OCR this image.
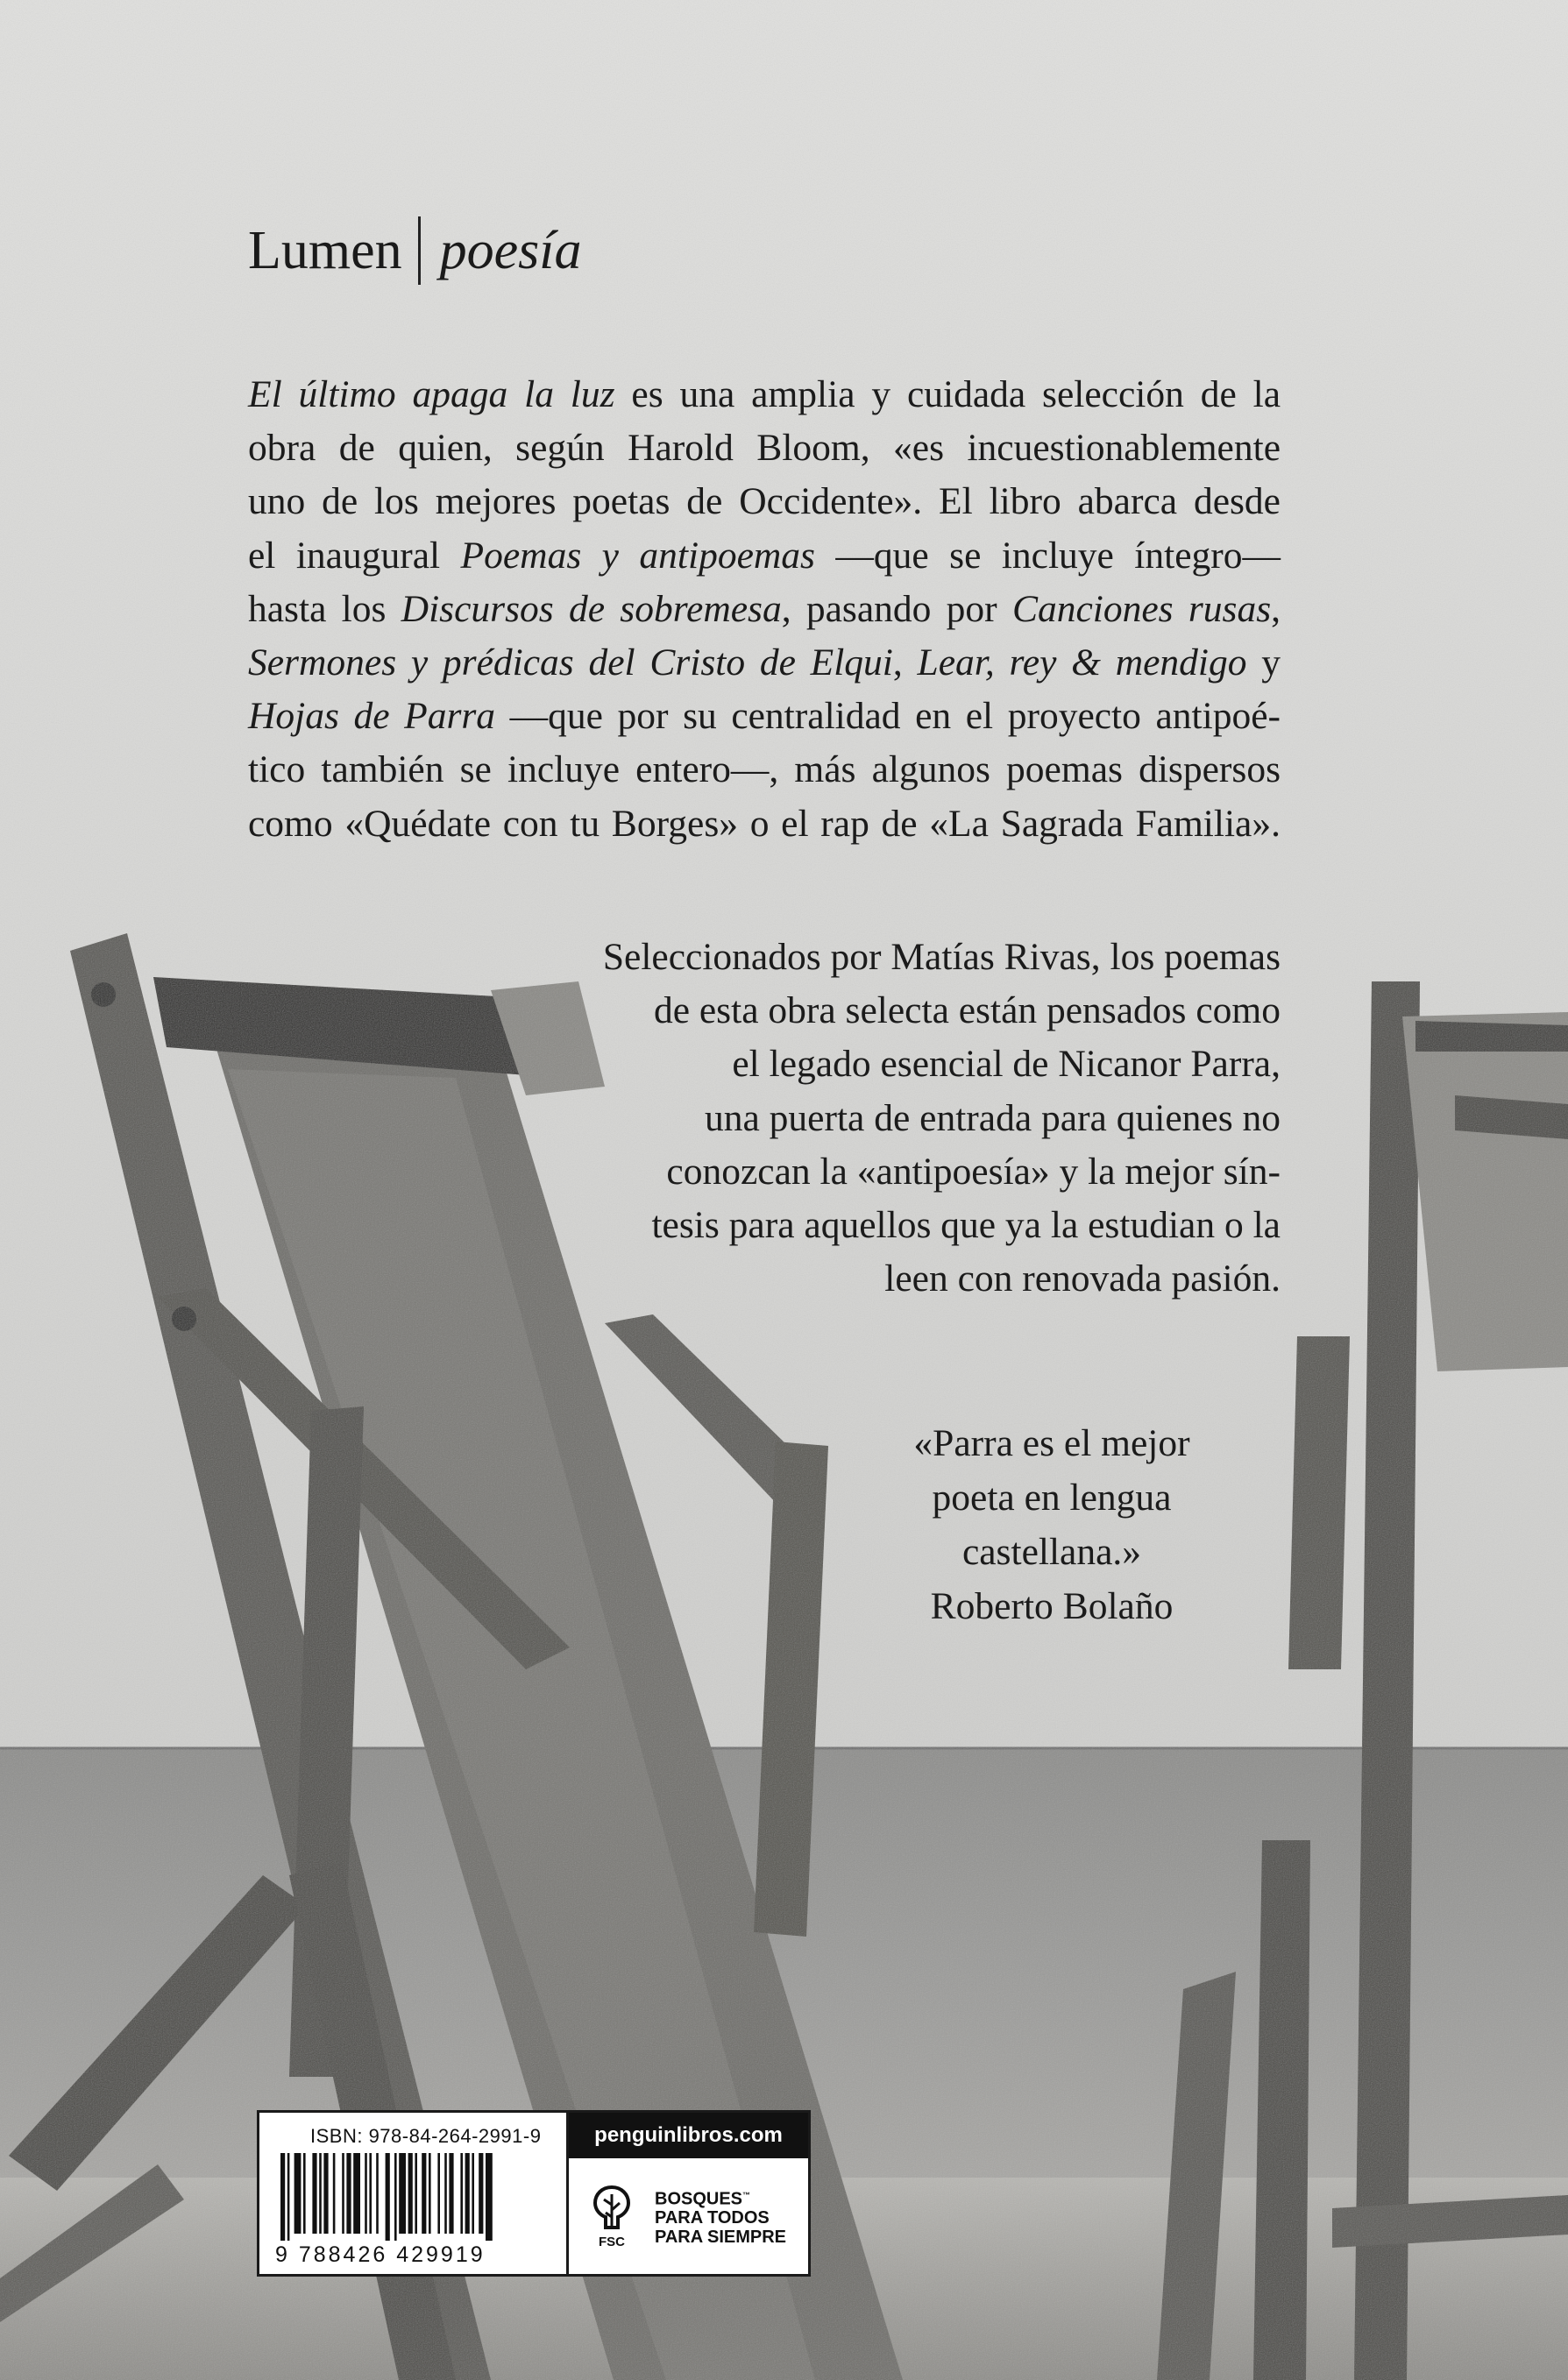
Lumen poesía
El último apaga la luz es una amplia y cuidada selección de la
obra de quien, según Harold Bloom, «es incuestionablemente
uno de los mejores poetas de Occidente». El libro abarca desde
el inaugural Poemas y antipoemas —que se incluye íntegro—
hasta los Discursos de sobremesa, pasando por Canciones rusas,
Sermones y prédicas del Cristo de Elqui, Lear, rey & mendigo y
Hojas de Parra —que por su centralidad en el proyecto antipoé-
tico también se incluye entero—, más algunos poemas dispersos
como «Quédate con tu Borges» o el rap de «La Sagrada Familia».
Seleccionados por Matías Rivas, los poemas
de esta obra selecta están pensados como
el legado esencial de Nicanor Parra,
una puerta de entrada para quienes no
conozcan la «antipoesía» y la mejor sín-
tesis para aquellos que ya la estudian o la
leen con renovada pasión.
«Parra es el mejor
poeta en lengua
castellana.»
Roberto Bolaño
ISBN: 978-84-264-2991-9
9 788426 429919
penguinlibros.com
FSC
BOSQUES™
PARA TODOS
PARA SIEMPRE
